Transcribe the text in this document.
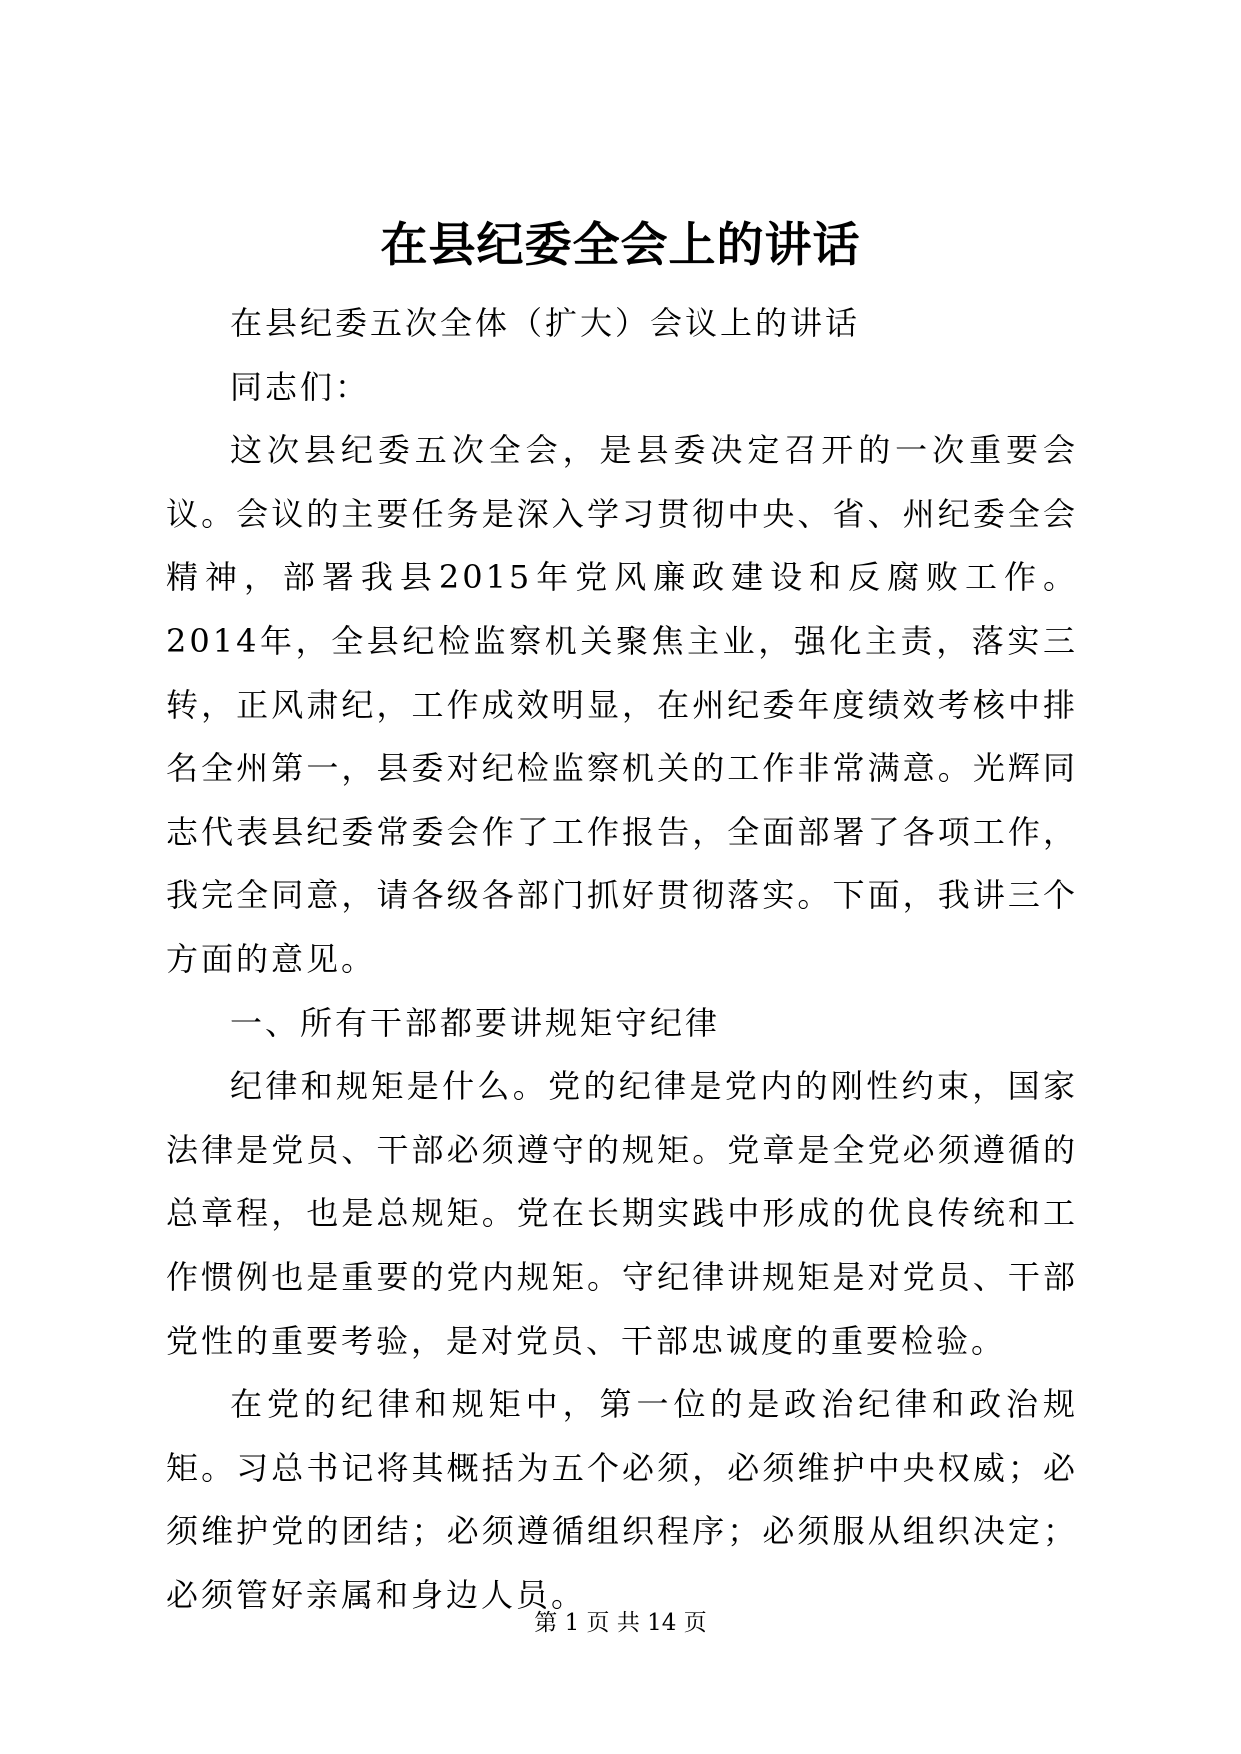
在县纪委全会上的讲话

在县纪委五次全体（扩大）会议上的讲话

同志们：

这次县纪委五次全会，是县委决定召开的一次重要会议。会议的主要任务是深入学习贯彻中央、省、州纪委全会精神，部署我县2015年党风廉政建设和反腐败工作。2014年，全县纪检监察机关聚焦主业，强化主责，落实三转，正风肃纪，工作成效明显，在州纪委年度绩效考核中排名全州第一，县委对纪检监察机关的工作非常满意。光辉同志代表县纪委常委会作了工作报告，全面部署了各项工作，我完全同意，请各级各部门抓好贯彻落实。下面，我讲三个方面的意见。

一、所有干部都要讲规矩守纪律

纪律和规矩是什么。党的纪律是党内的刚性约束，国家法律是党员、干部必须遵守的规矩。党章是全党必须遵循的总章程，也是总规矩。党在长期实践中形成的优良传统和工作惯例也是重要的党内规矩。守纪律讲规矩是对党员、干部党性的重要考验，是对党员、干部忠诚度的重要检验。

在党的纪律和规矩中，第一位的是政治纪律和政治规矩。习总书记将其概括为五个必须，必须维护中央权威；必须维护党的团结；必须遵循组织程序；必须服从组织决定；必须管好亲属和身边人员。

第 1 页 共 14 页
